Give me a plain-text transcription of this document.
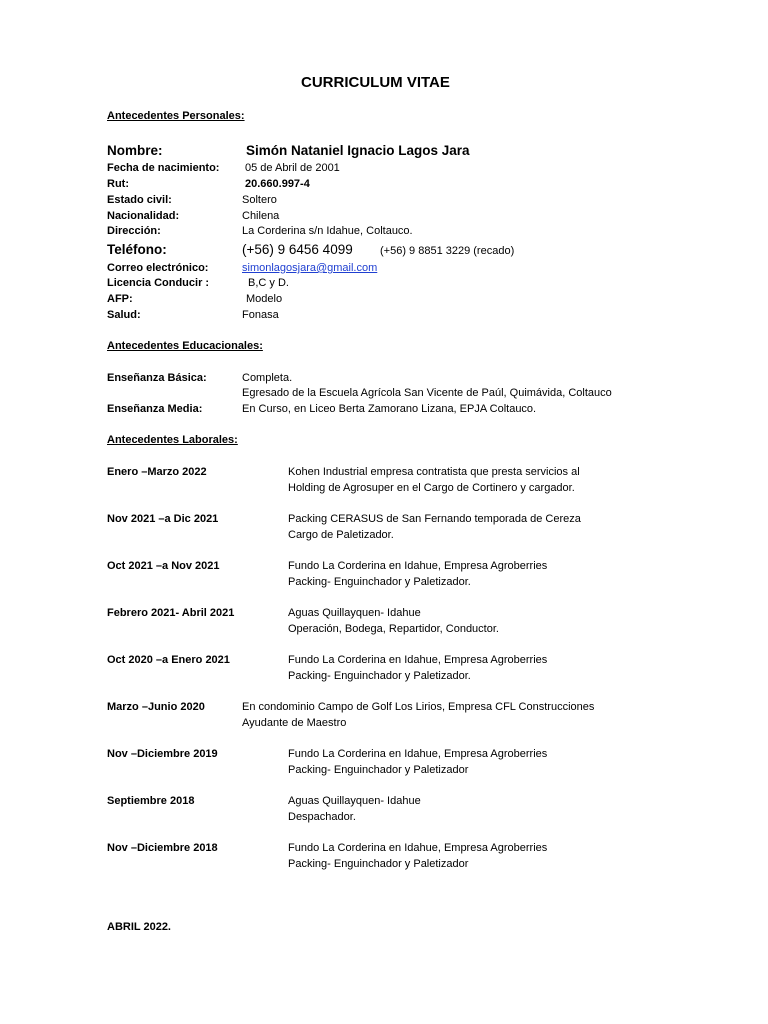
CURRICULUM VITAE
Antecedentes Personales:
Nombre:	Simón Nataniel Ignacio Lagos Jara
Fecha de nacimiento: 05 de Abril de 2001
Rut:	20.660.997-4
Estado civil:	Soltero
Nacionalidad:	Chilena
Dirección:	La Corderina s/n Idahue, Coltauco.
Teléfono:	(+56) 9 6456 4099 (+56) 9 8851 3229 (recado)
Correo electrónico:	simonlagosjara@gmail.com
Licencia Conducir :	B,C y D.
AFP:	Modelo
Salud:	Fonasa
Antecedentes Educacionales:
Enseñanza Básica:	Completa.
Egresado de la Escuela Agrícola San Vicente de Paúl, Quimávida, Coltauco
Enseñanza Media:	En Curso, en Liceo Berta Zamorano Lizana, EPJA Coltauco.
Antecedentes Laborales:
Enero –Marzo 2022	Kohen Industrial empresa contratista que presta servicios al
Holding de Agrosuper en el Cargo de Cortinero y cargador.
Nov 2021 –a Dic 2021	Packing CERASUS de San Fernando temporada de Cereza
Cargo de Paletizador.
Oct 2021 –a Nov 2021	Fundo La Corderina en Idahue, Empresa Agroberries
Packing- Enguinchador y Paletizador.
Febrero 2021- Abril 2021	Aguas Quillayquen- Idahue
Operación, Bodega, Repartidor, Conductor.
Oct 2020 –a Enero 2021	Fundo La Corderina en Idahue, Empresa Agroberries
Packing- Enguinchador y Paletizador.
Marzo –Junio 2020	En condominio Campo de Golf Los Lirios, Empresa CFL Construcciones
Ayudante de Maestro
Nov –Diciembre 2019	Fundo La Corderina en Idahue, Empresa Agroberries
Packing- Enguinchador y Paletizador
Septiembre 2018	Aguas Quillayquen- Idahue
Despachador.
Nov –Diciembre 2018	Fundo La Corderina en Idahue, Empresa Agroberries
Packing- Enguinchador y Paletizador
ABRIL 2022.
